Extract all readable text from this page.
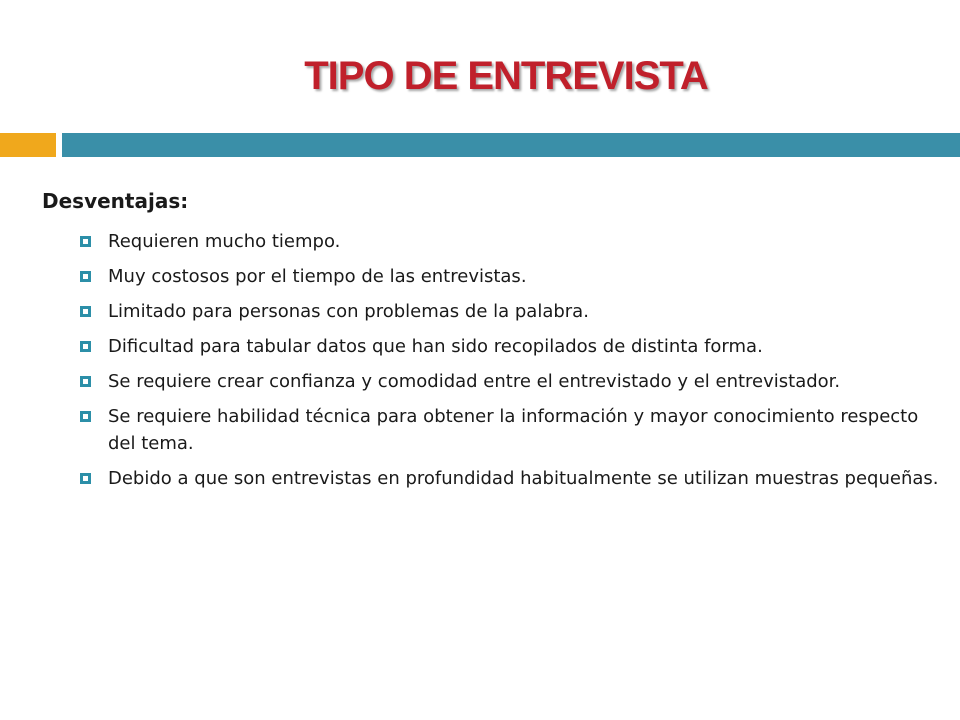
TIPO DE ENTREVISTA
Desventajas:
Requieren mucho tiempo.
Muy costosos por el tiempo de las entrevistas.
Limitado para personas con problemas de la palabra.
Dificultad para tabular datos que han sido recopilados de distinta forma.
Se requiere crear confianza y comodidad entre el entrevistado y el entrevistador.
Se requiere habilidad técnica para obtener la información y mayor conocimiento respecto del tema.
Debido a que son entrevistas en profundidad habitualmente se utilizan muestras pequeñas.
